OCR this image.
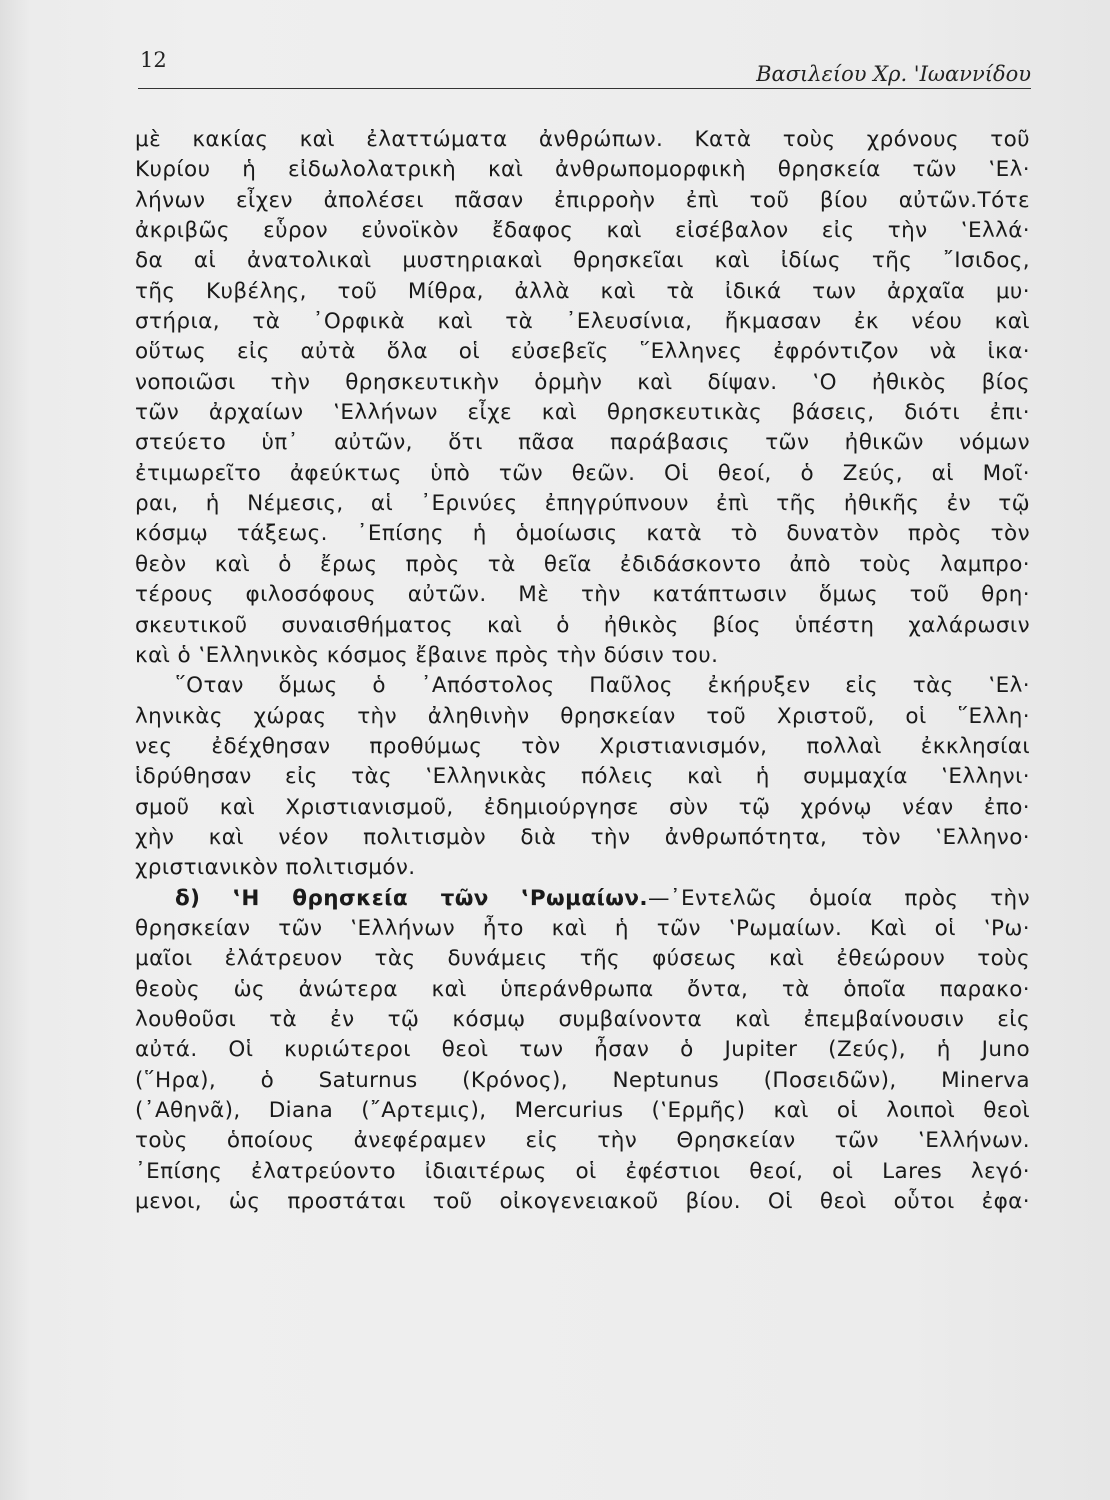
12
Βασιλείου Χρ. 'Ιωαννίδου
μὲ κακίας καὶ ἐλαττώματα ἀνθρώπων. Κατὰ τοὺς χρόνους τοῦ
Κυρίου ἡ εἰδωλολατρικὴ καὶ ἀνθρωπομορφικὴ θρησκεία τῶν ‛Ελ·
λήνων εἶχεν ἀπολέσει πᾶσαν ἐπιρροὴν ἐπὶ τοῦ βίου αὐτῶν.Τότε
ἀκριβῶς εὗρον εὐνοϊκὸν ἔδαφος καὶ εἰσέβαλον εἰς τὴν ‛Ελλά·
δα αἱ ἀνατολικαὶ μυστηριακαὶ θρησκεῖαι καὶ ἰδίως τῆς ῎Ισιδος,
τῆς Κυβέλης, τοῦ Μίθρα, ἀλλὰ καὶ τὰ ἰδικά των ἀρχαῖα μυ·
στήρια, τὰ ᾽Ορφικὰ καὶ τὰ ᾽Ελευσίνια, ἤκμασαν ἐκ νέου καὶ
οὕτως εἰς αὐτὰ ὅλα οἱ εὐσεβεῖς ῞Ελληνες ἐφρόντιζον νὰ ἱκα·
νοποιῶσι τὴν θρησκευτικὴν ὁρμὴν καὶ δίψαν. ‛Ο ἠθικὸς βίος
τῶν ἀρχαίων ‛Ελλήνων εἶχε καὶ θρησκευτικὰς βάσεις, διότι ἐπι·
στεύετο ὑπ᾽ αὐτῶν, ὅτι πᾶσα παράβασις τῶν ἠθικῶν νόμων
ἐτιμωρεῖτο ἀφεύκτως ὑπὸ τῶν θεῶν. Οἱ θεοί, ὁ Ζεύς, αἱ Μοῖ·
ραι, ἡ Νέμεσις, αἱ ᾽Ερινύες ἐπηγρύπνουν ἐπὶ τῆς ἠθικῆς ἐν τῷ
κόσμῳ τάξεως. ᾽Επίσης ἡ ὁμοίωσις κατὰ τὸ δυνατὸν πρὸς τὸν
θεὸν καὶ ὁ ἔρως πρὸς τὰ θεῖα ἐδιδάσκοντο ἀπὸ τοὺς λαμπρο·
τέρους φιλοσόφους αὐτῶν. Μὲ τὴν κατάπτωσιν ὅμως τοῦ θρη·
σκευτικοῦ συναισθήματος καὶ ὁ ἠθικὸς βίος ὑπέστη χαλάρωσιν
καὶ ὁ ‛Ελληνικὸς κόσμος ἔβαινε πρὸς τὴν δύσιν του.
῞Οταν ὅμως ὁ ᾽Απόστολος Παῦλος ἐκήρυξεν εἰς τὰς ‛Ελ·
ληνικὰς χώρας τὴν ἀληθινὴν θρησκείαν τοῦ Χριστοῦ, οἱ ῞Ελλη·
νες ἐδέχθησαν προθύμως τὸν Χριστιανισμόν, πολλαὶ ἐκκλησίαι
ἱδρύθησαν εἰς τὰς ‛Ελληνικὰς πόλεις καὶ ἡ συμμαχία ‛Ελληνι·
σμοῦ καὶ Χριστιανισμοῦ, ἐδημιούργησε σὺν τῷ χρόνῳ νέαν ἐπο·
χὴν καὶ νέον πολιτισμὸν διὰ τὴν ἀνθρωπότητα, τὸν ‛Ελληνο·
χριστιανικὸν πολιτισμόν.
δ) ‛Η θρησκεία τῶν ‛Ρωμαίων.—᾽Εντελῶς ὁμοία πρὸς τὴν
θρησκείαν τῶν ‛Ελλήνων ἦτο καὶ ἡ τῶν ‛Ρωμαίων. Καὶ οἱ ‛Ρω·
μαῖοι ἐλάτρευον τὰς δυνάμεις τῆς φύσεως καὶ ἐθεώρουν τοὺς
θεοὺς ὡς ἀνώτερα καὶ ὑπεράνθρωπα ὄντα, τὰ ὁποῖα παρακο·
λουθοῦσι τὰ ἐν τῷ κόσμῳ συμβαίνοντα καὶ ἐπεμβαίνουσιν εἰς
αὐτά. Οἱ κυριώτεροι θεοὶ των ἦσαν ὁ Jupiter (Ζεύς), ἡ Juno
(῞Ηρα), ὁ Saturnus (Κρόνος), Neptunus (Ποσειδῶν), Minerva
(᾽Αθηνᾶ), Diana (῎Αρτεμις), Mercurius (‛Ερμῆς) καὶ οἱ λοιποὶ θεοὶ
τοὺς ὁποίους ἀνεφέραμεν εἰς τὴν Θρησκείαν τῶν ‛Ελλήνων.
᾽Επίσης ἐλατρεύοντο ἰδιαιτέρως οἱ ἐφέστιοι θεοί, οἱ Lares λεγό·
μενοι, ὡς προστάται τοῦ οἰκογενειακοῦ βίου. Οἱ θεοὶ οὗτοι ἐφα·
